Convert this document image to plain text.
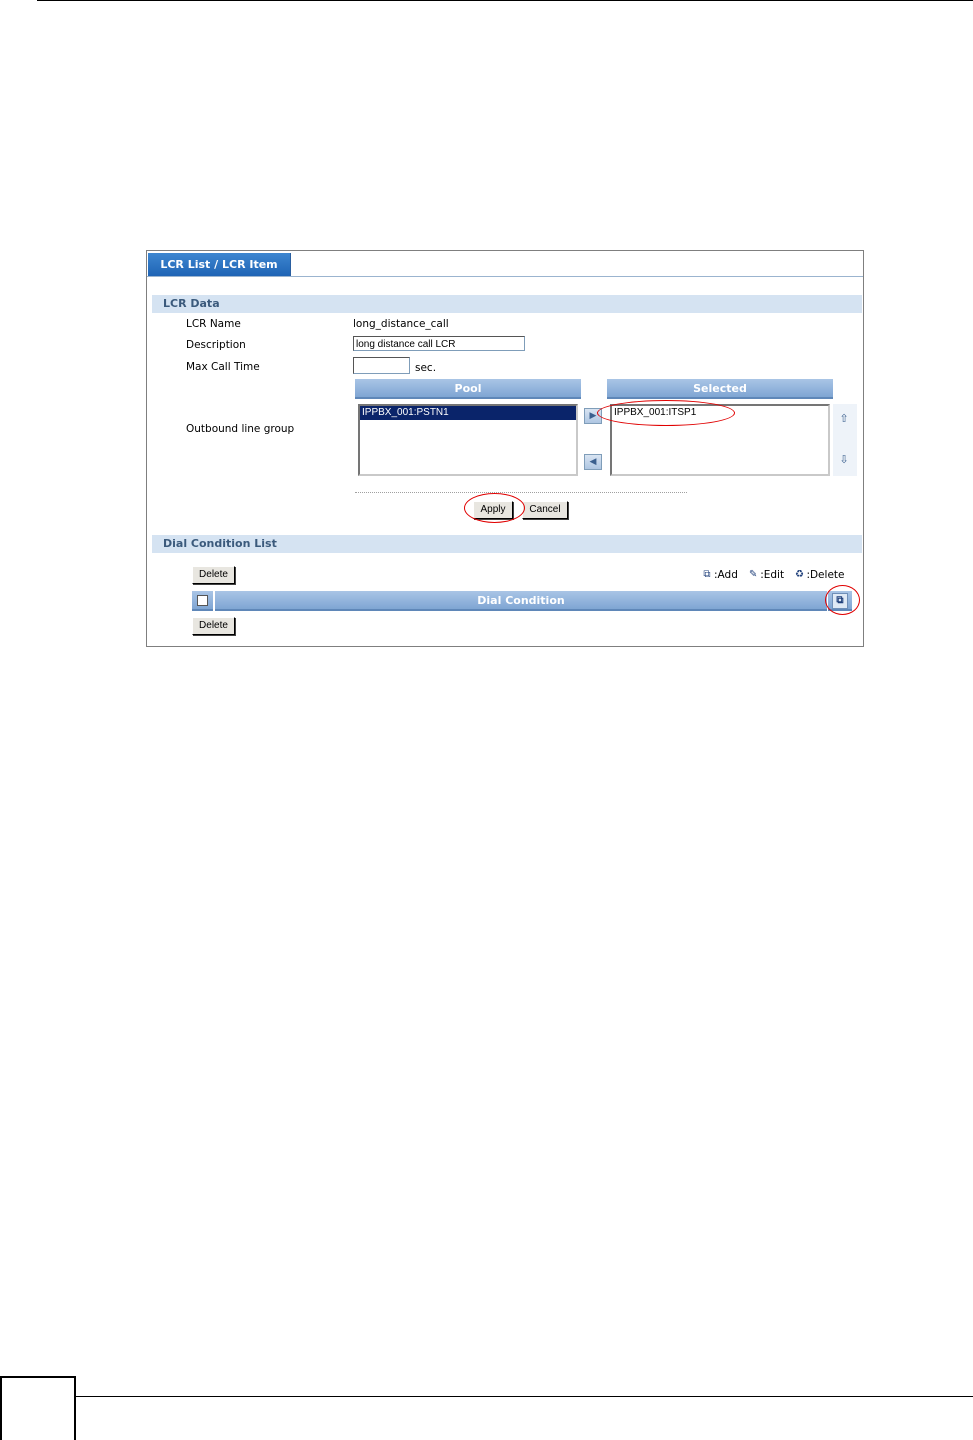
LCR List / LCR Item
LCR Data
LCR Name	long_distance_call
Description	long distance call LCR
Max Call Time	sec.
Outbound line group
Pool
IPPBX_001:PSTN1	▶
◀
Selected
IPPBX_001:ITSP1	⇧
⇩
Apply	Cancel
Dial Condition List
Delete	⧉ :Add ✎ :Edit ♻ :Delete
Dial Condition	⧉
Delete
